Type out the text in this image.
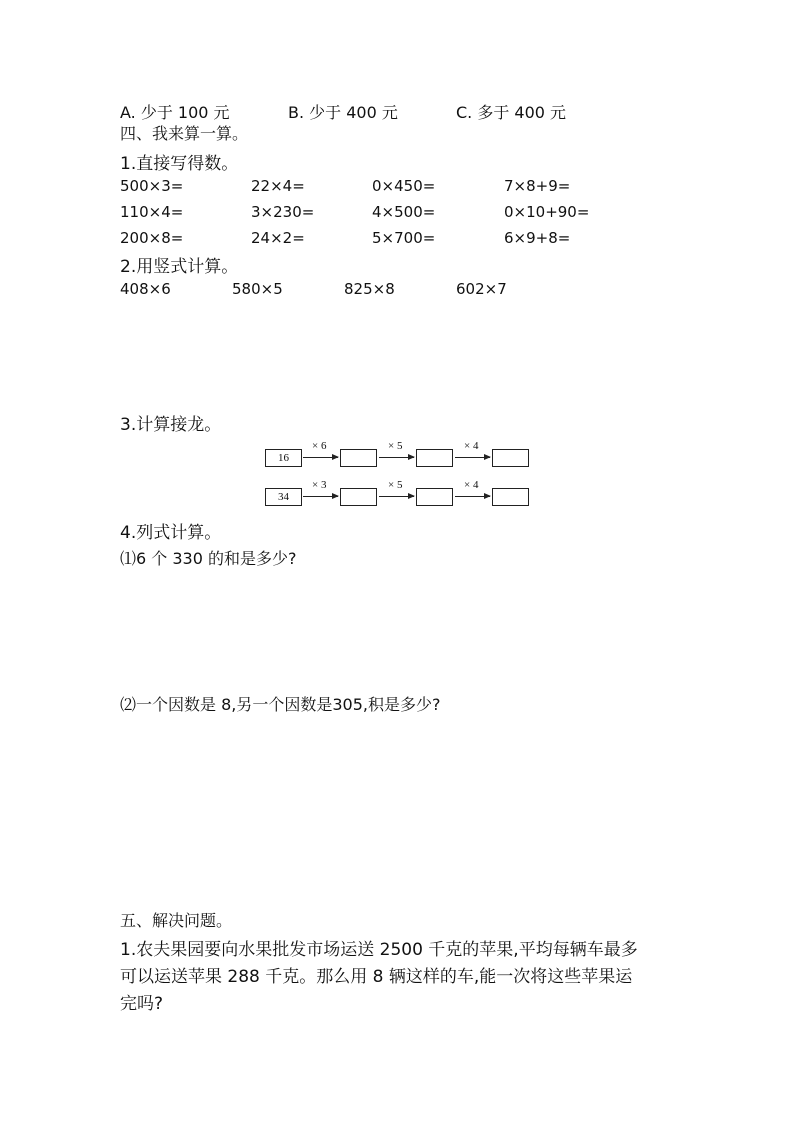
A. 少于 100 元	B. 少于 400 元	C. 多于 400 元
四、我来算一算。
1.直接写得数。
500×3=	22×4=	0×450=	7×8+9=
110×4=	3×230=	4×500=	0×10+90=
200×8=	24×2=	5×700=	6×9+8=
2.用竖式计算。
408×6	580×5	825×8	602×7
3.计算接龙。
16
× 6	× 5	× 4
34
× 3	× 5	× 4
4.列式计算。
⑴6 个 330 的和是多少?
⑵一个因数是 8,另一个因数是305,积是多少?
五、解决问题。
1.农夫果园要向水果批发市场运送 2500 千克的苹果,平均每辆车最多
可以运送苹果 288 千克。那么用 8 辆这样的车,能一次将这些苹果运
完吗?
